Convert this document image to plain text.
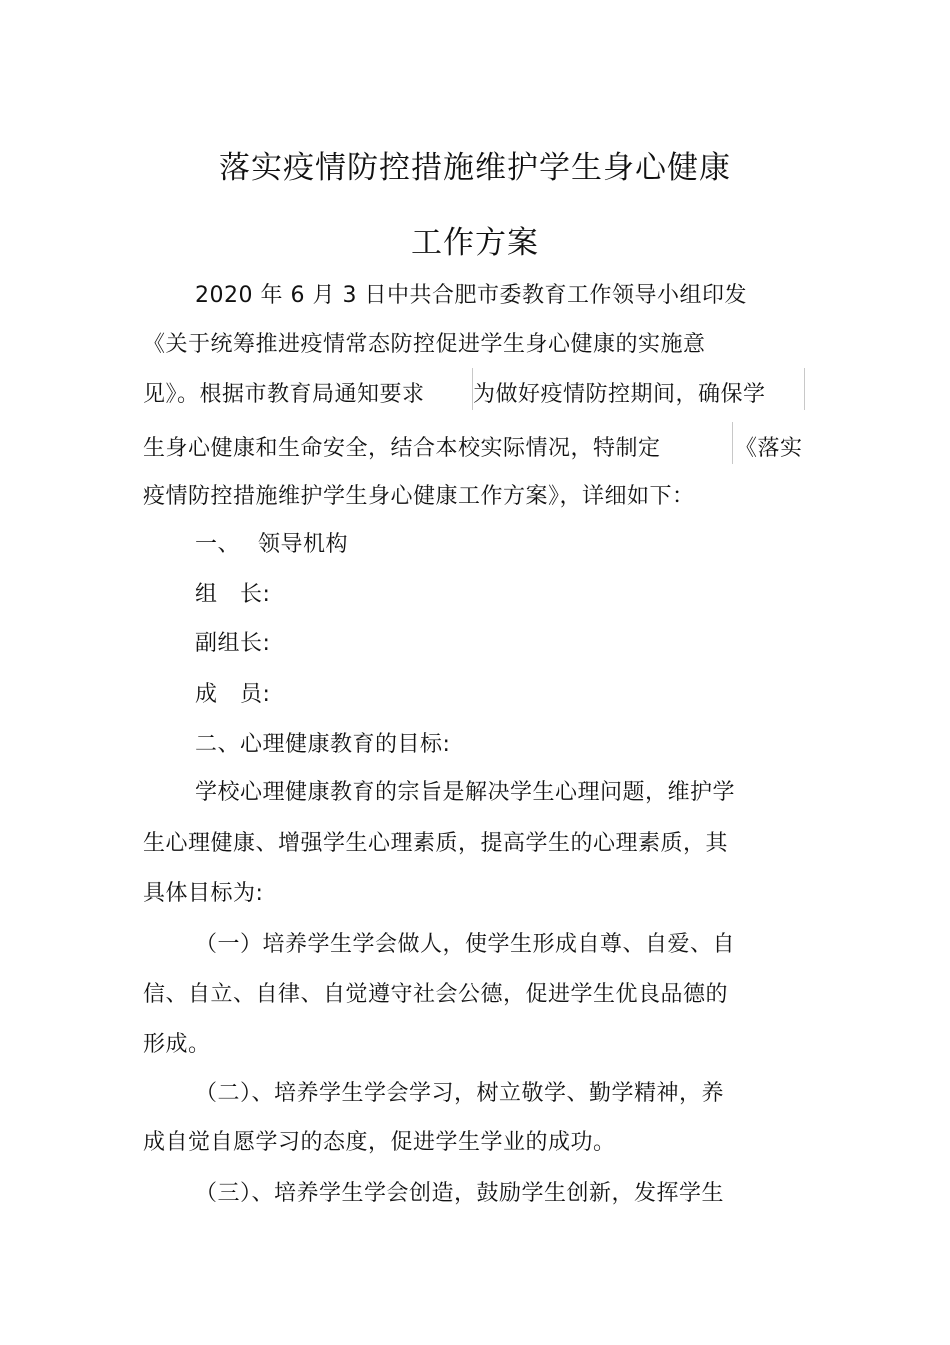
落实疫情防控措施维护学生身心健康
工作方案
2020 年 6 月 3 日中共合肥市委教育工作领导小组印发
《关于统筹推进疫情常态防控促进学生身心健康的实施意
见》。根据市教育局通知要求 为做好疫情防控期间，确保学
生身心健康和生命安全，结合本校实际情况，特制定	《落实
疫情防控措施维护学生身心健康工作方案》，详细如下：
一、 领导机构
组　长:
副组长:
成　员:
二、心理健康教育的目标:
学校心理健康教育的宗旨是解决学生心理问题，维护学
生心理健康、增强学生心理素质，提高学生的心理素质，其
具体目标为:
（一）培养学生学会做人，使学生形成自尊、自爱、自
信、自立、自律、自觉遵守社会公德，促进学生优良品德的
形成。
（二）、培养学生学会学习，树立敬学、勤学精神，养
成自觉自愿学习的态度，促进学生学业的成功。
（三）、培养学生学会创造，鼓励学生创新，发挥学生
